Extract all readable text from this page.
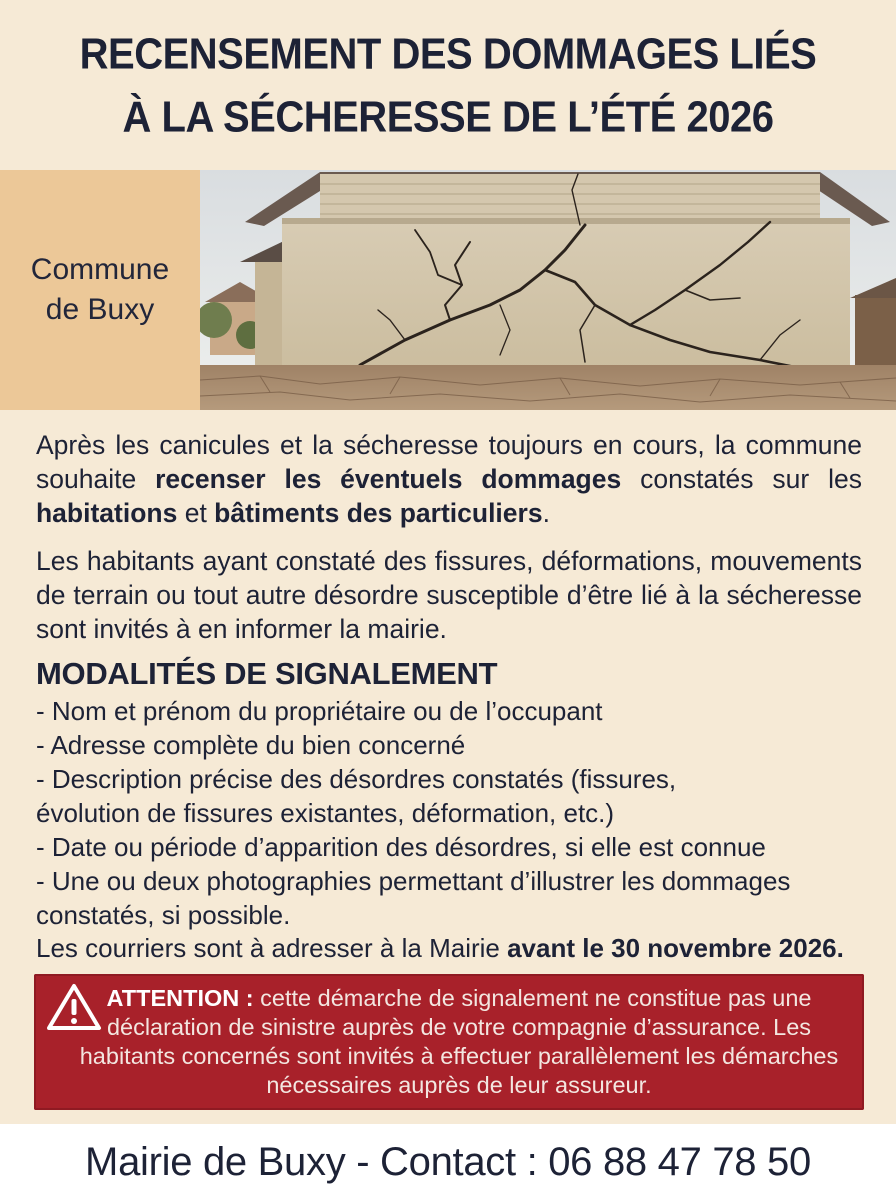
RECENSEMENT DES DOMMAGES LIÉS
À LA SÉCHERESSE DE L’ÉTÉ 2026
Commune
de Buxy
Après les canicules et la sécheresse toujours en cours, la commune souhaite recenser les éventuels dommages constatés sur les habitations et bâtiments des particuliers.
Les habitants ayant constaté des fissures, déformations, mouvements de terrain ou tout autre désordre susceptible d’être lié à la sécheresse sont invités à en informer la mairie.
MODALITÉS DE SIGNALEMENT
- Nom et prénom du propriétaire ou de l’occupant
- Adresse complète du bien concerné
- Description précise des désordres constatés (fissures,
évolution de fissures existantes, déformation, etc.)
- Date ou période d’apparition des désordres, si elle est connue
- Une ou deux photographies permettant d’illustrer les dommages
constatés, si possible.
Les courriers sont à adresser à la Mairie avant le 30 novembre 2026.
ATTENTION : cette démarche de signalement ne constitue pas une déclaration de sinistre auprès de votre compagnie d’assurance. Les habitants concernés sont invités à effectuer parallèlement les démarches nécessaires auprès de leur assureur.
Mairie de Buxy - Contact : 06 88 47 78 50
